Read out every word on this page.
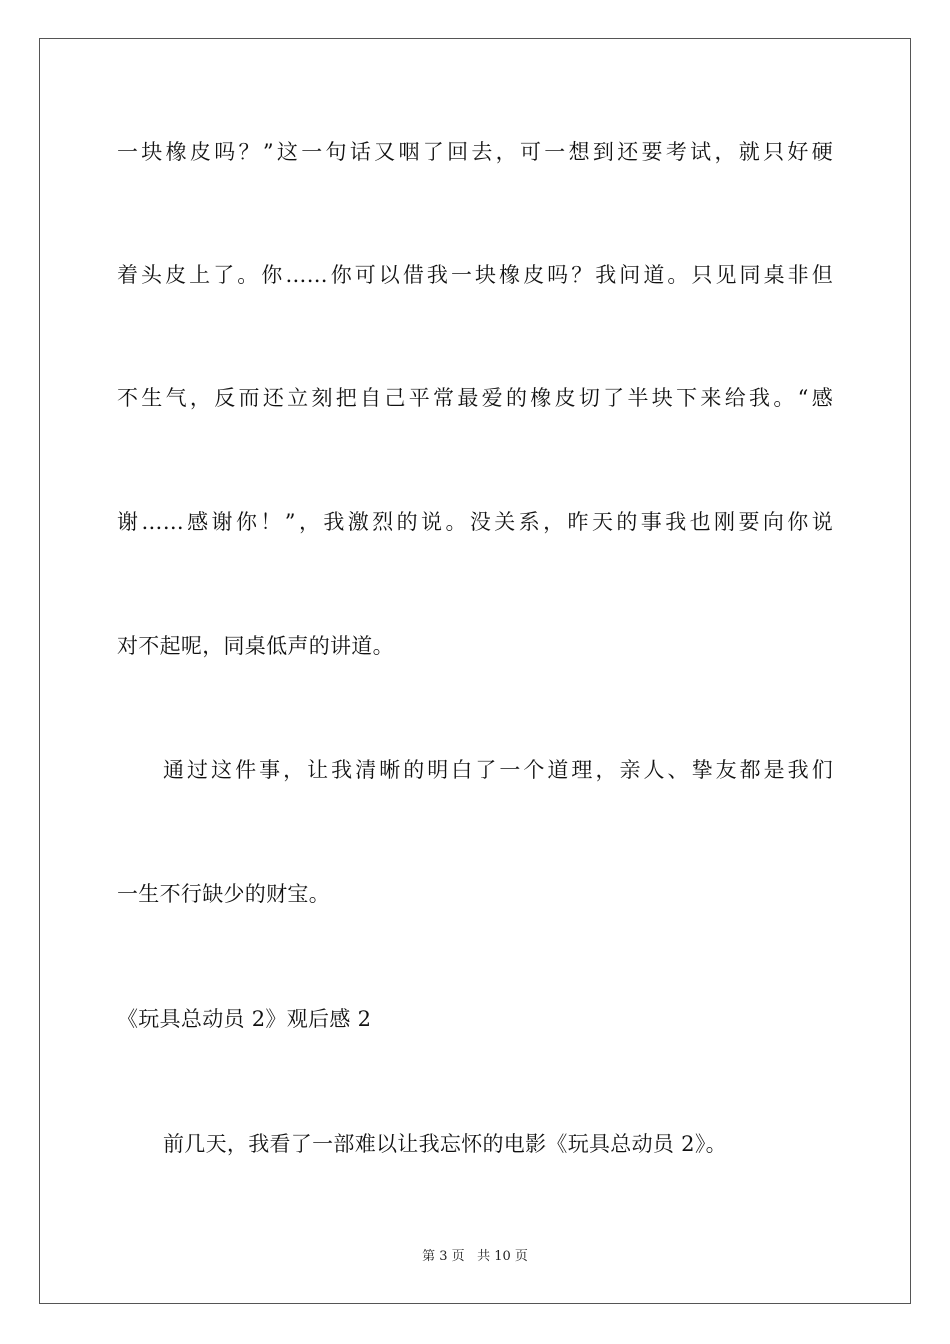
一块橡皮吗？”这一句话又咽了回去，可一想到还要考试，就只好硬
着头皮上了。你……你可以借我一块橡皮吗？我问道。只见同桌非但
不生气，反而还立刻把自己平常最爱的橡皮切了半块下来给我。“感
谢……感谢你！”，我激烈的说。没关系，昨天的事我也刚要向你说
对不起呢，同桌低声的讲道。
通过这件事，让我清晰的明白了一个道理，亲人、挚友都是我们
一生不行缺少的财宝。
《玩具总动员 2》观后感 2
前几天，我看了一部难以让我忘怀的电影《玩具总动员 2》。
第 3 页 共 10 页
